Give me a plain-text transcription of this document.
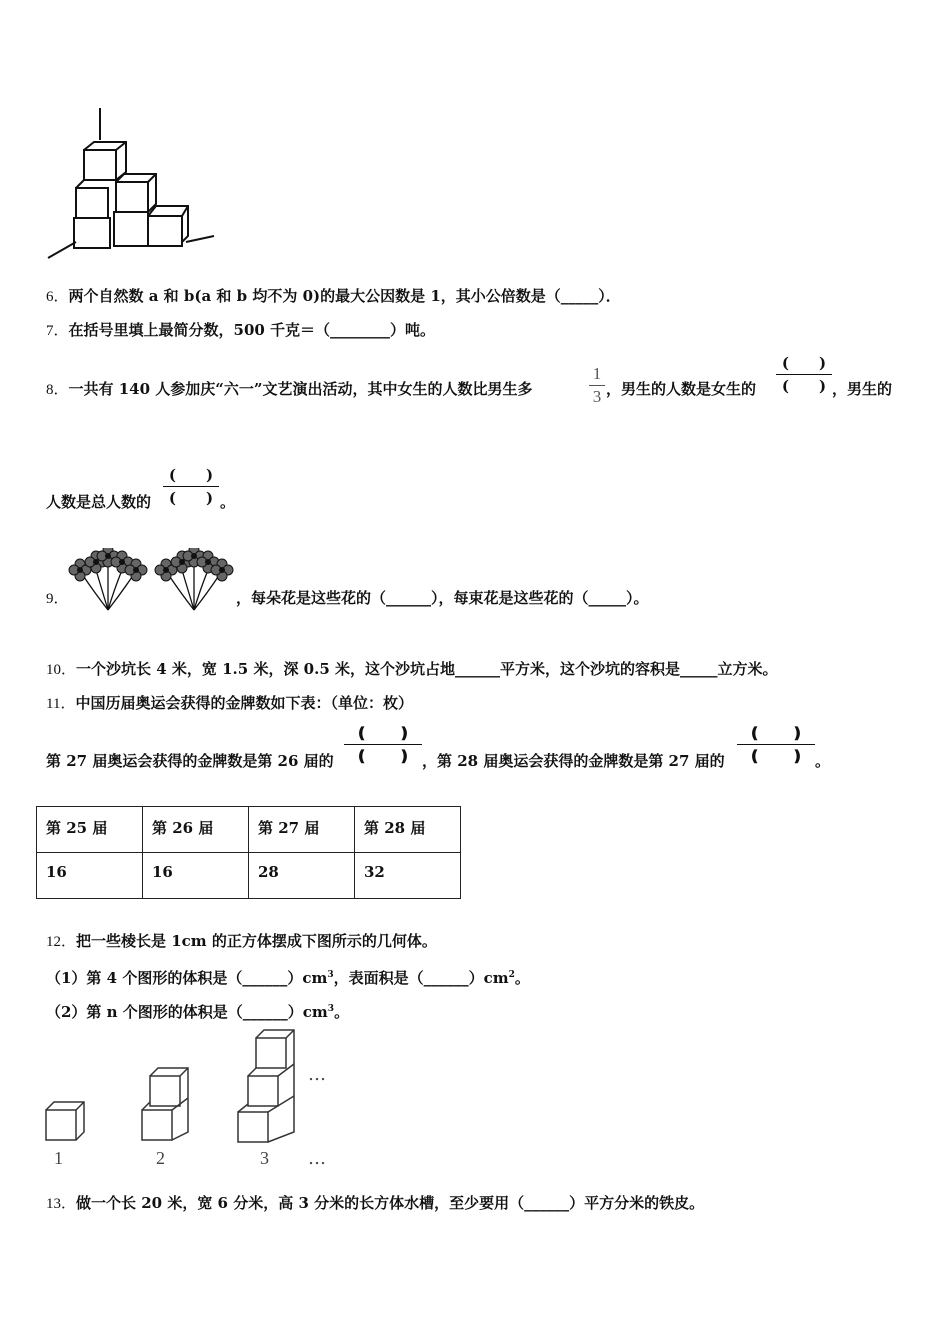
6．两个自然数 a 和 b(a 和 b 均不为 0)的最大公因数是 1，其小公倍数是（_____）．
7．在括号里填上最简分数，500 千克＝（________）吨。
8．一共有 140 人参加庆“六一”文艺演出活动，其中女生的人数比男生多
1
3 ，男生的人数是女生的
(　　)
(　　) ，男生的
人数是总人数的
(　　)
(　　) 。
9．	，每朵花是这些花的（______），每束花是这些花的（_____）。
10．一个沙坑长 4 米，宽 1.5 米，深 0.5 米，这个沙坑占地______平方米，这个沙坑的容积是_____立方米。
11．中国历届奥运会获得的金牌数如下表：（单位：枚）
第 27 届奥运会获得的金牌数是第 26 届的
❪　　❫
❪　　❫ ，第 28 届奥运会获得的金牌数是第 27 届的
❪　　❫
❪　　❫ 。
第 25 届	第 26 届	第 27 届	第 28 届
16	16	28	32
12．把一些棱长是 1cm 的正方体摆成下图所示的几何体。
（1）第 4 个图形的体积是$(\_\_\_\_\_\_)cm^3$，表面积是$(\_\_\_\_\_\_)cm^2$。
（2）第 n 个图形的体积是$(\_\_\_\_\_\_)cm^3$。
1	2	3
…
…
13．做一个长 20 米，宽 6 分米，高 3 分米的长方体水槽，至少要用（______）平方分米的铁皮。
